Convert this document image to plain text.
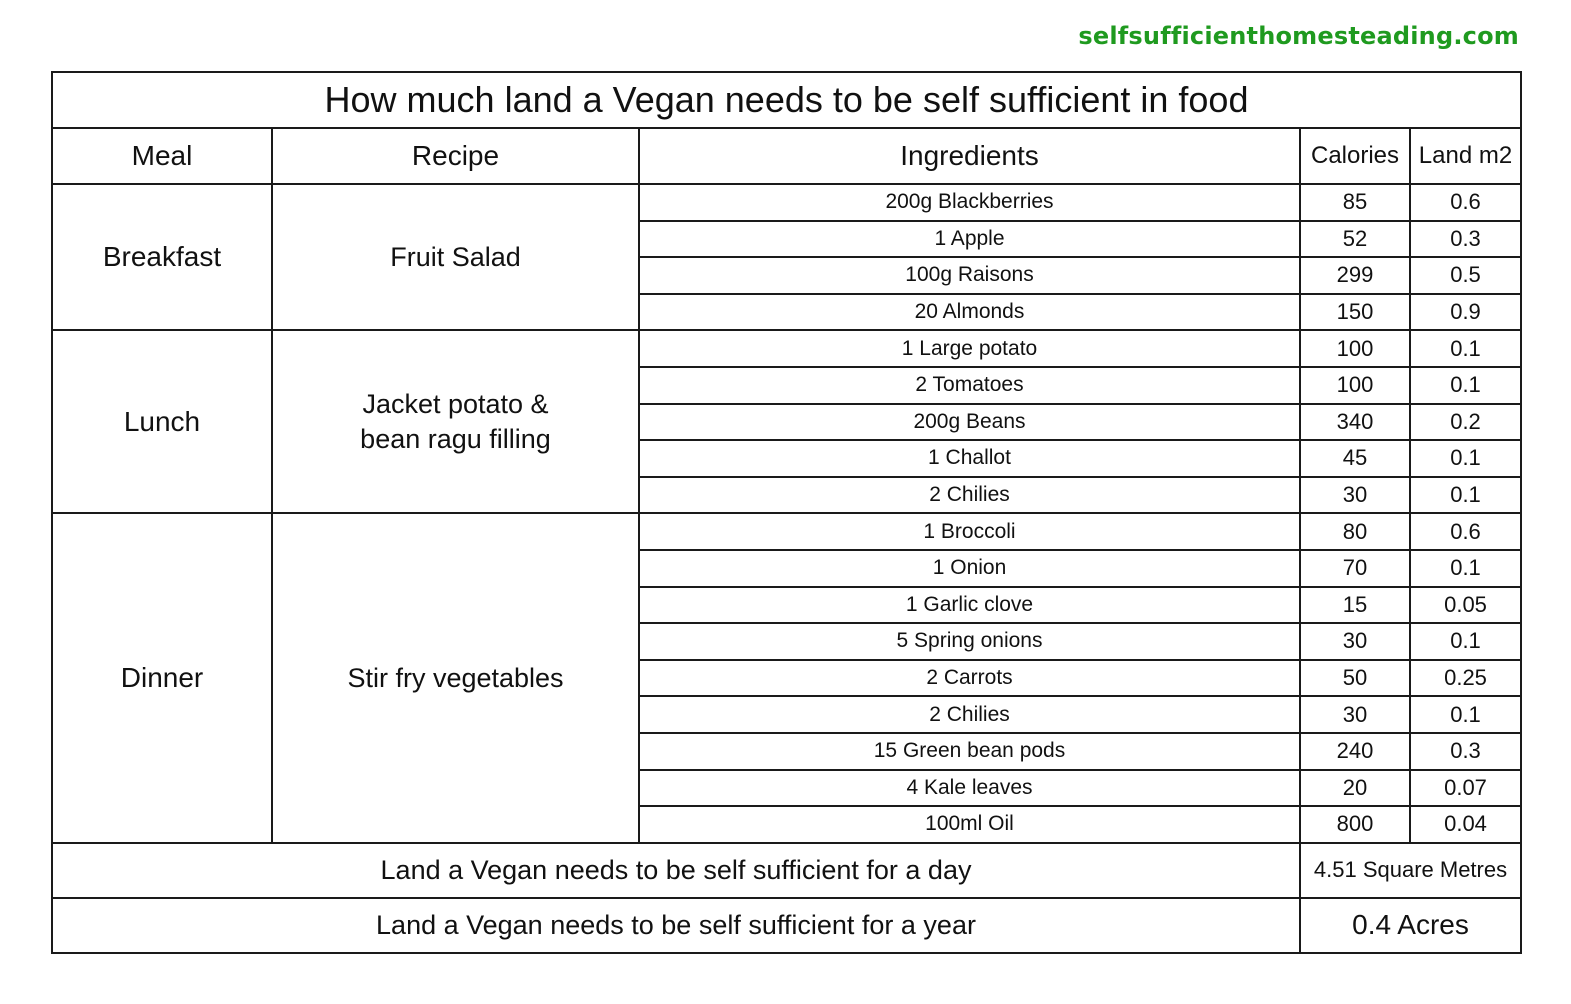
selfsufficienthomesteading.com
How much land a Vegan needs to be self sufficient in food				
Meal	Recipe	Ingredients	Calories	Land m2
Breakfast	Fruit Salad	200g Blackberries	85	0.6
		1 Apple	52	0.3
		100g Raisons	299	0.5
		20 Almonds	150	0.9
Lunch	Jacket potato & bean ragu filling	1 Large potato	100	0.1
		2 Tomatoes	100	0.1
		200g Beans	340	0.2
		1 Challot	45	0.1
		2 Chilies	30	0.1
Dinner	Stir fry vegetables	1 Broccoli	80	0.6
		1 Onion	70	0.1
		1 Garlic clove	15	0.05
		5 Spring onions	30	0.1
		2 Carrots	50	0.25
		2 Chilies	30	0.1
		15 Green bean pods	240	0.3
		4 Kale leaves	20	0.07
		100ml Oil	800	0.04
Land a Vegan needs to be self sufficient for a day			4.51 Square Metres	
Land a Vegan needs to be self sufficient for a year			0.4 Acres	
